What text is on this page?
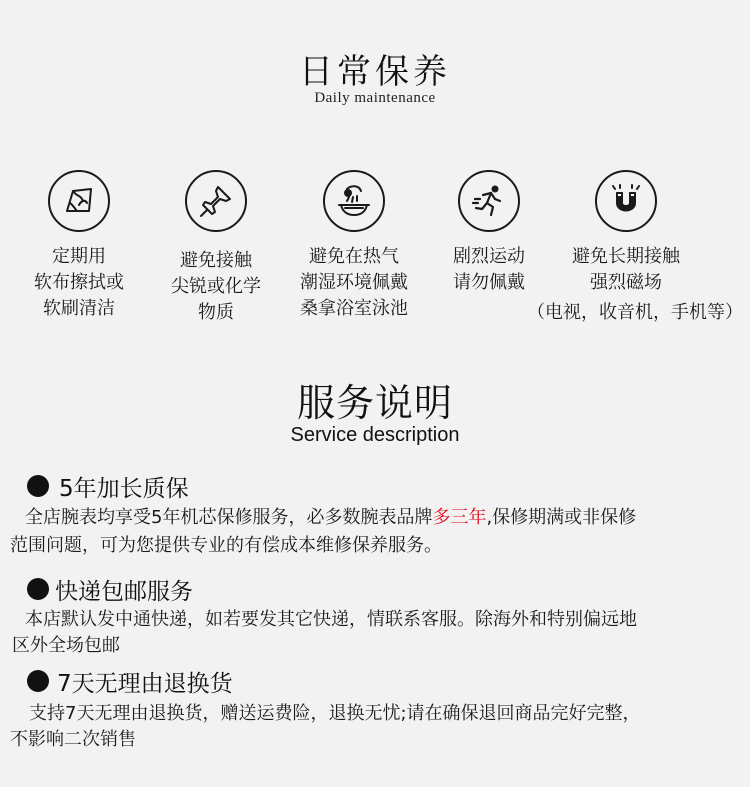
日常保养
Daily maintenance
定期用
软布擦拭或
软刷清洁
避免接触
尖锐或化学
物质
避免在热气
潮湿环境佩戴
桑拿浴室泳池
剧烈运动
请勿佩戴
避免长期接触
强烈磁场
（电视，收音机，手机等）
服务说明
Service description
5年加长质保
全店腕表均享受5年机芯保修服务，必多数腕表品牌多三年,保修期满或非保修
范围问题，可为您提供专业的有偿成本维修保养服务。
快递包邮服务
本店默认发中通快递，如若要发其它快递，情联系客服。除海外和特别偏远地
区外全场包邮
7天无理由退换货
支持7天无理由退换货，赠送运费险，退换无忧;请在确保退回商品完好完整，
不影响二次销售
